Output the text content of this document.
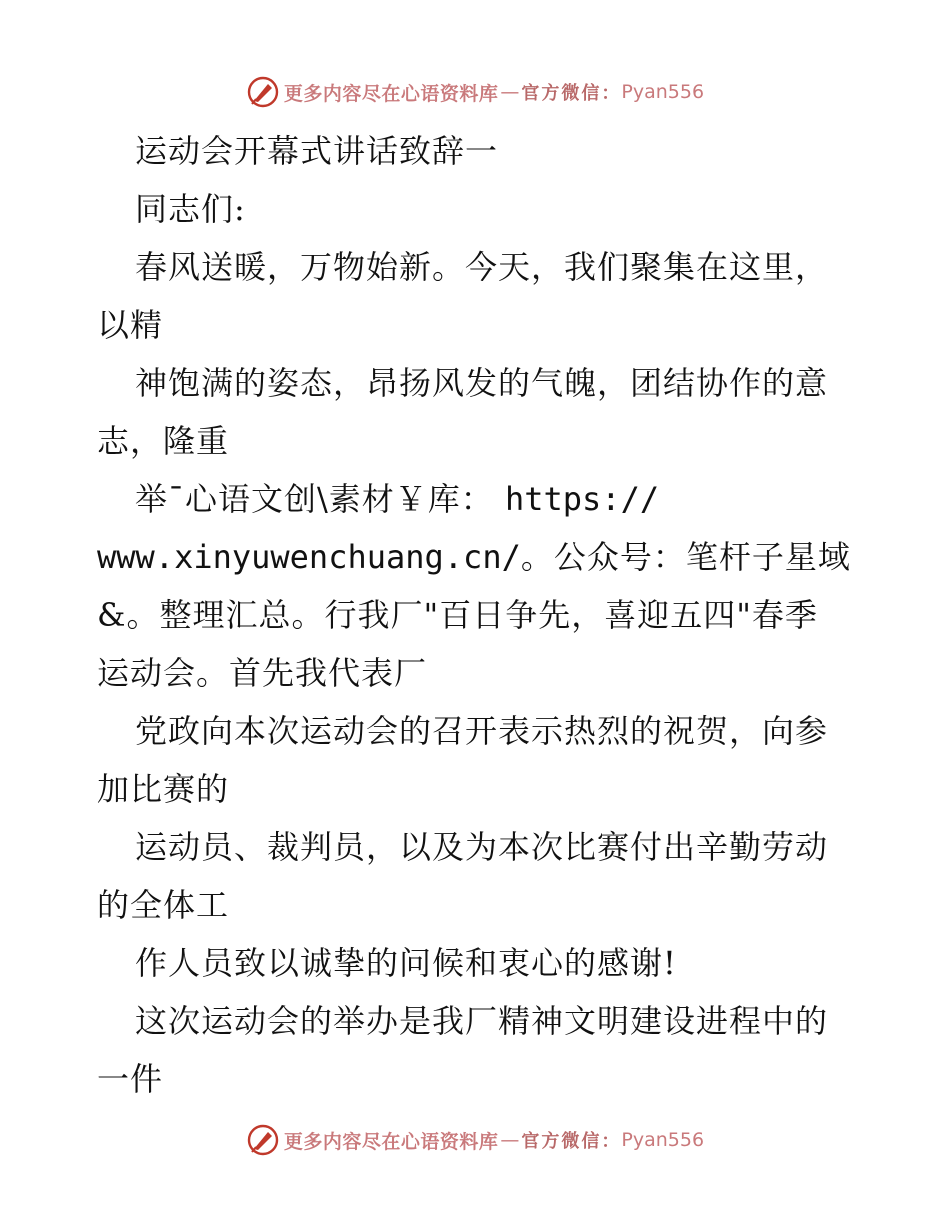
更多内容尽在心语资料库 — 官方微信： Pyan556
运动会开幕式讲话致辞一
同志们:
春风送暖，万物始新。今天，我们聚集在这里，
以精
神饱满的姿态，昂扬风发的气魄，团结协作的意
志，隆重
举¯心语文创\素材￥库： https://
www.xinyuwenchuang.cn/。公众号：笔杆子星域
&。整理汇总。行我厂"百日争先，喜迎五四"春季
运动会。首先我代表厂
党政向本次运动会的召开表示热烈的祝贺，向参
加比赛的
运动员、裁判员，以及为本次比赛付出辛勤劳动
的全体工
作人员致以诚挚的问候和衷心的感谢!
这次运动会的举办是我厂精神文明建设进程中的
一件
更多内容尽在心语资料库 — 官方微信： Pyan556
